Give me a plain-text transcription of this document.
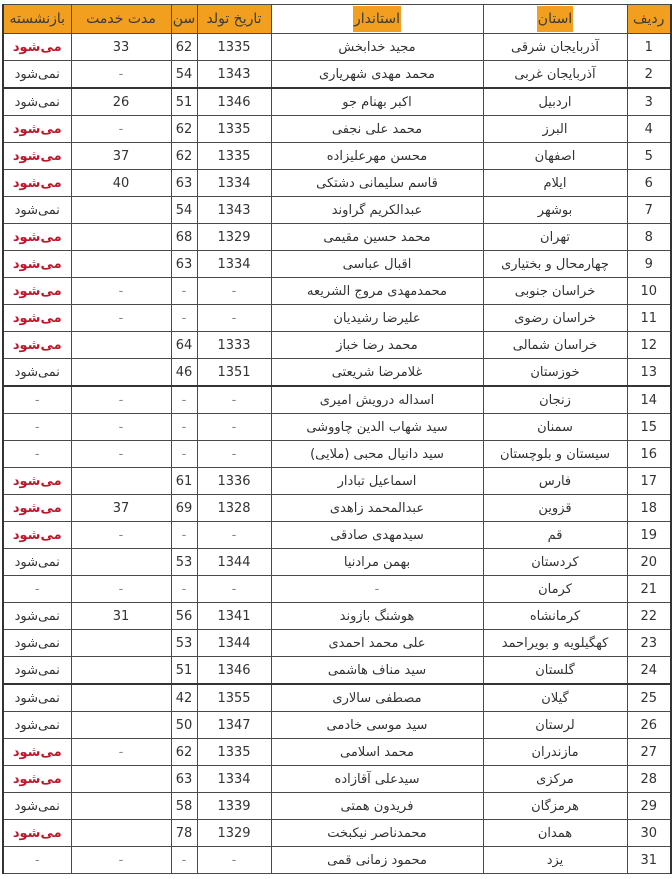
ردیف	استان	استاندار	تاریخ تولد	سن	مدت خدمت	بازنشسته
1	آذربایجان شرقی	مجید خدابخش	1335	62	33	می‌شود
2	آذربایجان غربی	محمد مهدی شهریاری	1343	54	-	نمی‌شود
3	اردبیل	اکبر بهنام جو	1346	51	26	نمی‌شود
4	البرز	محمد علی نجفی	1335	62	-	می‌شود
5	اصفهان	محسن مهرعلیزاده	1335	62	37	می‌شود
6	ایلام	قاسم سلیمانی دشتکی	1334	63	40	می‌شود
7	بوشهر	عبدالکریم گراوند	1343	54		نمی‌شود
8	تهران	محمد حسین مقیمی	1329	68		می‌شود
9	چهارمحال و بختیاری	اقبال عباسی	1334	63		می‌شود
10	خراسان جنوبی	محمدمهدی مروج الشریعه	-	-	-	می‌شود
11	خراسان رضوی	علیرضا رشیدیان	-	-	-	می‌شود
12	خراسان شمالی	محمد رضا خباز	1333	64		می‌شود
13	خوزستان	غلامرضا شریعتی	1351	46		نمی‌شود
14	زنجان	اسداله درویش امیری	-	-	-	-
15	سمنان	سید شهاب الدین چاووشی	-	-	-	-
16	سیستان و بلوچستان	سید دانیال محبی (ملایی)	-	-	-	-
17	فارس	اسماعیل تبادار	1336	61		می‌شود
18	قزوین	عبدالمحمد زاهدی	1328	69	37	می‌شود
19	قم	سیدمهدی صادقی	-	-	-	می‌شود
20	کردستان	بهمن مرادنیا	1344	53		نمی‌شود
21	کرمان	-	-	-	-	-
22	کرمانشاه	هوشنگ بازوند	1341	56	31	نمی‌شود
23	کهگیلویه و بویراحمد	علی محمد احمدی	1344	53		نمی‌شود
24	گلستان	سید مناف هاشمی	1346	51		نمی‌شود
25	گیلان	مصطفی سالاری	1355	42		نمی‌شود
26	لرستان	سید موسی خادمی	1347	50		نمی‌شود
27	مازندران	محمد اسلامی	1335	62	-	می‌شود
28	مرکزی	سیدعلی آقازاده	1334	63		می‌شود
29	هرمزگان	فریدون همتی	1339	58		نمی‌شود
30	همدان	محمدناصر نیکبخت	1329	78		می‌شود
31	یزد	محمود زمانی قمی	-	-	-	-
